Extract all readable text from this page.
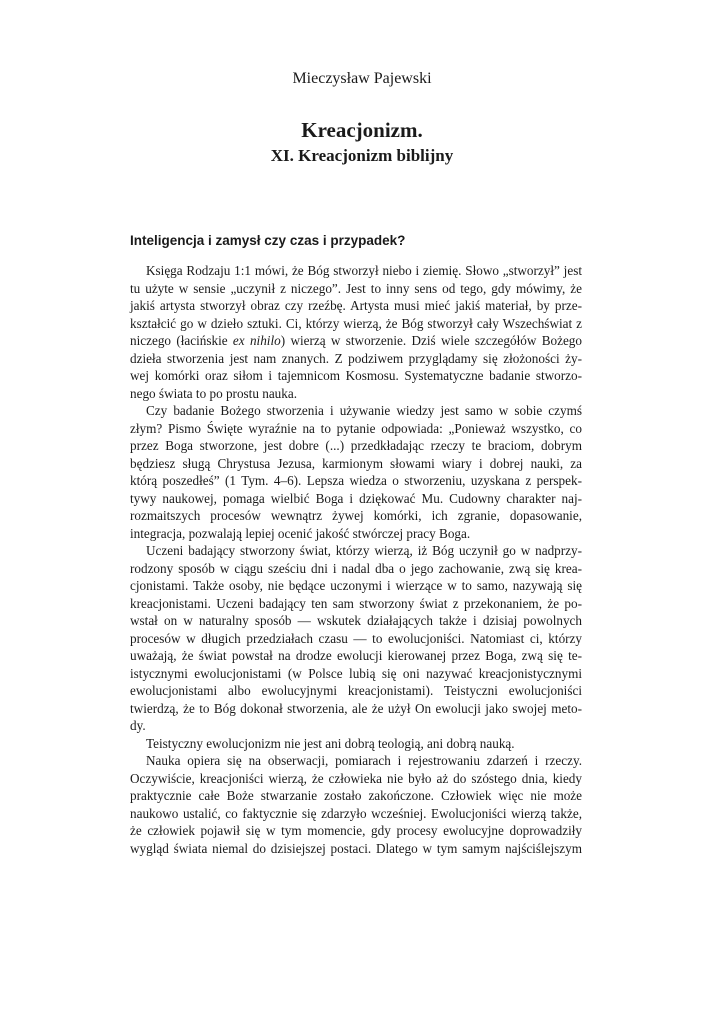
Mieczysław Pajewski
Kreacjonizm.
XI. Kreacjonizm biblijny
Inteligencja i zamysł czy czas i przypadek?
Księga Rodzaju 1:1 mówi, że Bóg stworzył niebo i ziemię. Słowo „stworzył” jest
tu użyte w sensie „uczynił z niczego”. Jest to inny sens od tego, gdy mówimy, że
jakiś artysta stworzył obraz czy rzeźbę. Artysta musi mieć jakiś materiał, by prze-
kształcić go w dzieło sztuki. Ci, którzy wierzą, że Bóg stworzył cały Wszechświat z
niczego (łacińskie ex nihilo) wierzą w stworzenie. Dziś wiele szczegółów Bożego
dzieła stworzenia jest nam znanych. Z podziwem przyglądamy się złożoności ży-
wej komórki oraz siłom i tajemnicom Kosmosu. Systematyczne badanie stworzo-
nego świata to po prostu nauka.
Czy badanie Bożego stworzenia i używanie wiedzy jest samo w sobie czymś
złym? Pismo Święte wyraźnie na to pytanie odpowiada: „Ponieważ wszystko, co
przez Boga stworzone, jest dobre (...) przedkładając rzeczy te braciom, dobrym
będziesz sługą Chrystusa Jezusa, karmionym słowami wiary i dobrej nauki, za
którą poszedłeś” (1 Tym. 4–6). Lepsza wiedza o stworzeniu, uzyskana z perspek-
tywy naukowej, pomaga wielbić Boga i dziękować Mu. Cudowny charakter naj-
rozmaitszych procesów wewnątrz żywej komórki, ich zgranie, dopasowanie,
integracja, pozwalają lepiej ocenić jakość stwórczej pracy Boga.
Uczeni badający stworzony świat, którzy wierzą, iż Bóg uczynił go w nadprzy-
rodzony sposób w ciągu sześciu dni i nadal dba o jego zachowanie, zwą się krea-
cjonistami. Także osoby, nie będące uczonymi i wierzące w to samo, nazywają się
kreacjonistami. Uczeni badający ten sam stworzony świat z przekonaniem, że po-
wstał on w naturalny sposób — wskutek działających także i dzisiaj powolnych
procesów w długich przedziałach czasu — to ewolucjoniści. Natomiast ci, którzy
uważają, że świat powstał na drodze ewolucji kierowanej przez Boga, zwą się te-
istycznymi ewolucjonistami (w Polsce lubią się oni nazywać kreacjonistycznymi
ewolucjonistami albo ewolucyjnymi kreacjonistami). Teistyczni ewolucjoniści
twierdzą, że to Bóg dokonał stworzenia, ale że użył On ewolucji jako swojej meto-
dy.
Teistyczny ewolucjonizm nie jest ani dobrą teologią, ani dobrą nauką.
Nauka opiera się na obserwacji, pomiarach i rejestrowaniu zdarzeń i rzeczy.
Oczywiście, kreacjoniści wierzą, że człowieka nie było aż do szóstego dnia, kiedy
praktycznie całe Boże stwarzanie zostało zakończone. Człowiek więc nie może
naukowo ustalić, co faktycznie się zdarzyło wcześniej. Ewolucjoniści wierzą także,
że człowiek pojawił się w tym momencie, gdy procesy ewolucyjne doprowadziły
wygląd świata niemal do dzisiejszej postaci. Dlatego w tym samym najściślejszym
